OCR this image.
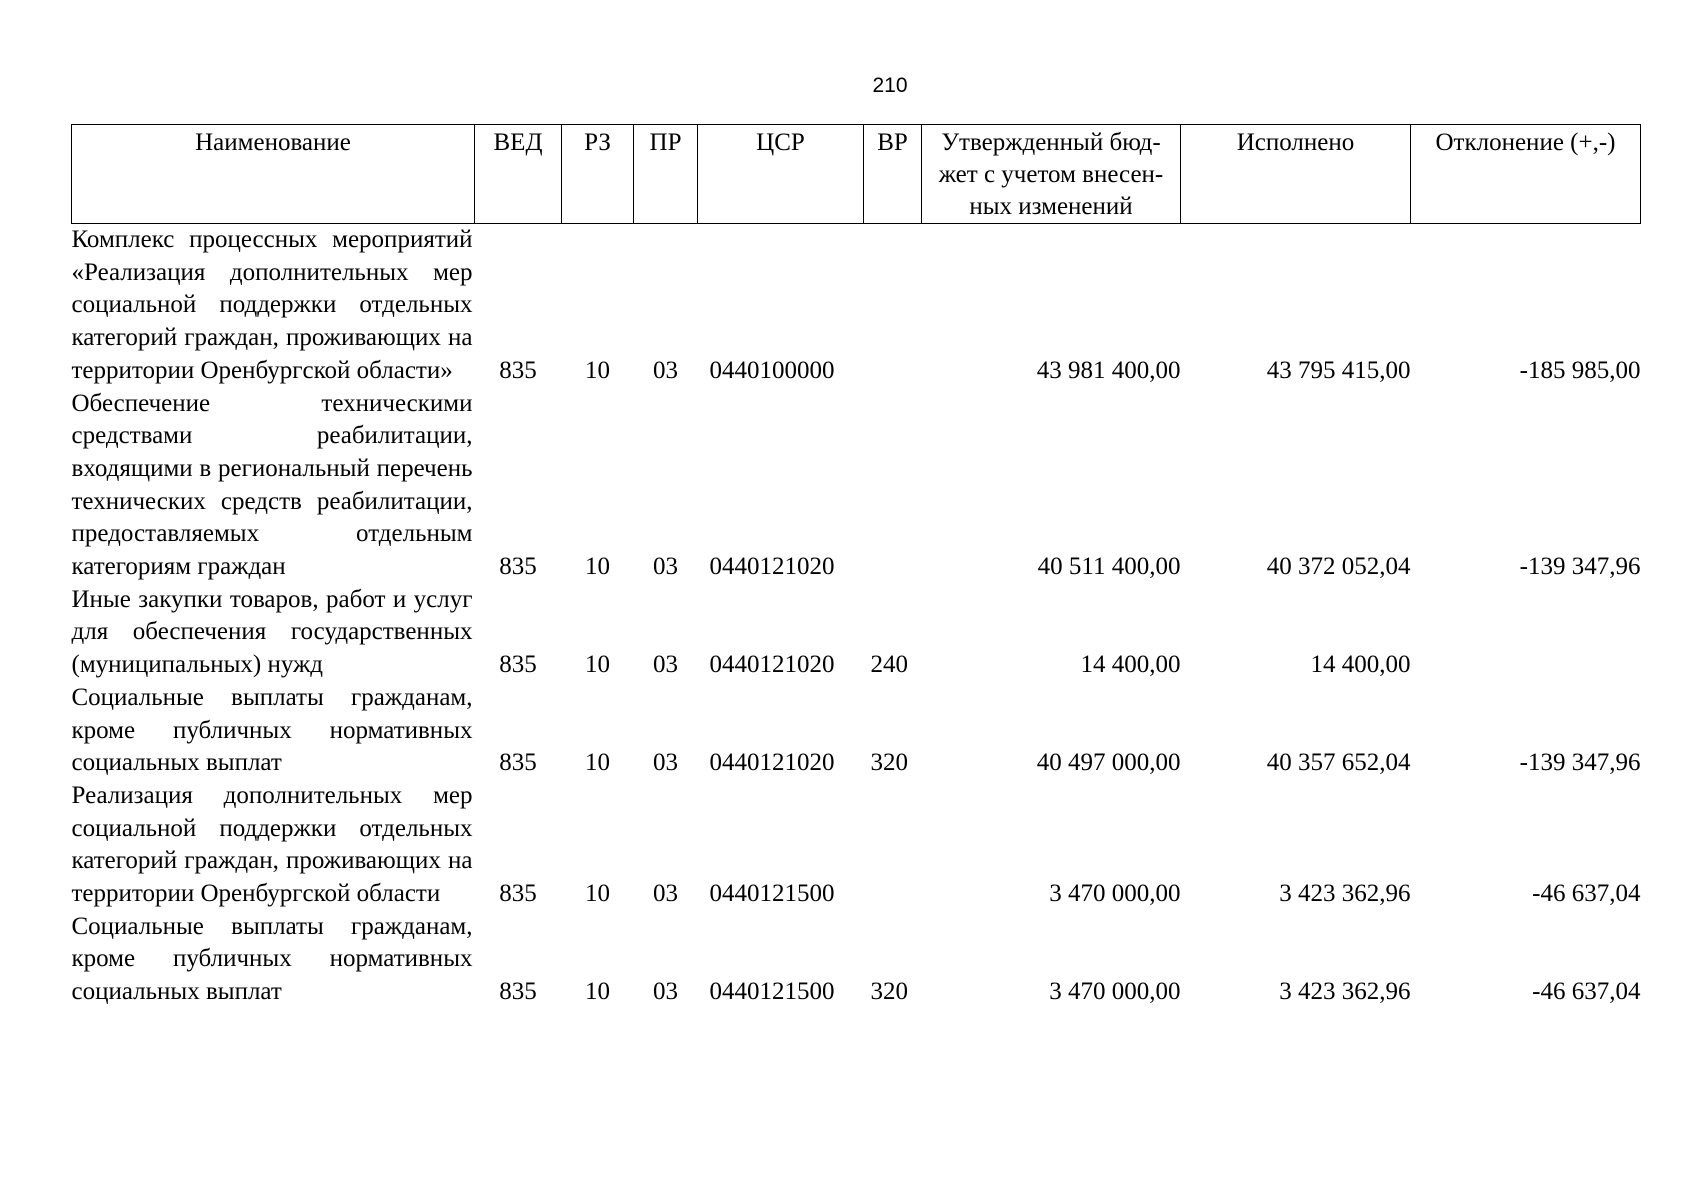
210
Наименование	ВЕД	РЗ	ПР	ЦСР	ВР	Утвержденный бюд-
жет с учетом внесен-
ных изменений	Исполнено	Отклонение (+,-)
Комплекс процессных мероприятий «Реализация дополнительных мер социальной поддержки отдельных категорий граждан, проживающих на территории Оренбургской области»	835	10	03	0440100000		43 981 400,00	43 795 415,00	-185 985,00
Обеспечение техническими средствами реабилитации, входящими в региональный перечень технических средств реабилитации, предоставляемых отдельным категориям граждан	835	10	03	0440121020		40 511 400,00	40 372 052,04	-139 347,96
Иные закупки товаров, работ и услуг для обеспечения государственных (муниципальных) нужд	835	10	03	0440121020	240	14 400,00	14 400,00	
Социальные выплаты гражданам, кроме публичных нормативных социальных выплат	835	10	03	0440121020	320	40 497 000,00	40 357 652,04	-139 347,96
Реализация дополнительных мер социальной поддержки отдельных категорий граждан, проживающих на территории Оренбургской области	835	10	03	0440121500		3 470 000,00	3 423 362,96	-46 637,04
Социальные выплаты гражданам, кроме публичных нормативных социальных выплат	835	10	03	0440121500	320	3 470 000,00	3 423 362,96	-46 637,04
